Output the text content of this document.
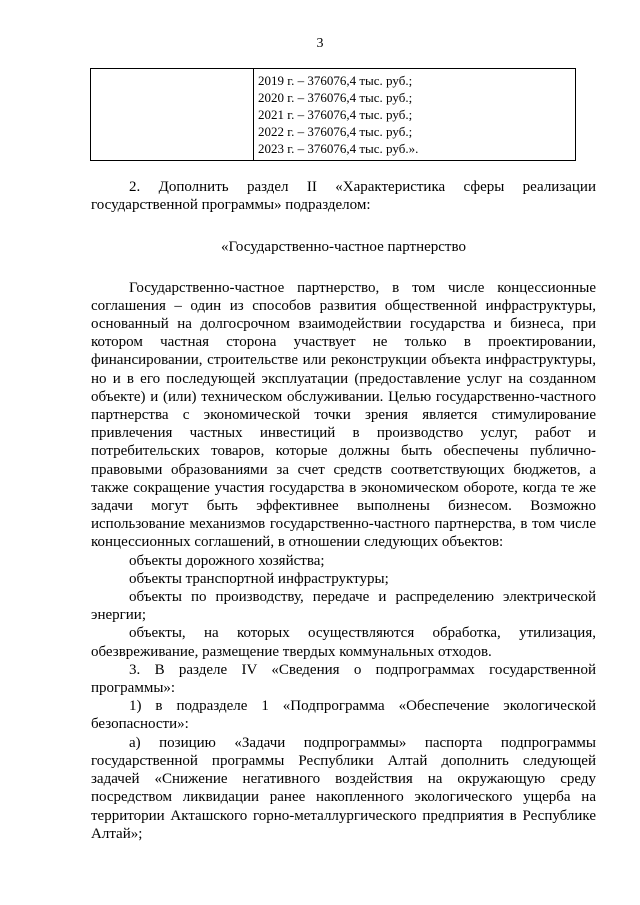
3

2019 г. – 376076,4 тыс. руб.;
2020 г. – 376076,4 тыс. руб.;
2021 г. – 376076,4 тыс. руб.;
2022 г. – 376076,4 тыс. руб.;
2023 г. – 376076,4 тыс. руб.».

2. Дополнить раздел II «Характеристика сферы реализации государственной программы» подразделом:

«Государственно-частное партнерство

Государственно-частное партнерство, в том числе концессионные соглашения – один из способов развития общественной инфраструктуры, основанный на долгосрочном взаимодействии государства и бизнеса, при котором частная сторона участвует не только в проектировании, финансировании, строительстве или реконструкции объекта инфраструктуры, но и в его последующей эксплуатации (предоставление услуг на созданном объекте) и (или) техническом обслуживании. Целью государственно-частного партнерства с экономической точки зрения является стимулирование привлечения частных инвестиций в производство услуг, работ и потребительских товаров, которые должны быть обеспечены публично-правовыми образованиями за счет средств соответствующих бюджетов, а также сокращение участия государства в экономическом обороте, когда те же задачи могут быть эффективнее выполнены бизнесом. Возможно использование механизмов государственно-частного партнерства, в том числе концессионных соглашений, в отношении следующих объектов:

объекты дорожного хозяйства;

объекты транспортной инфраструктуры;

объекты по производству, передаче и распределению электрической энергии;

объекты, на которых осуществляются обработка, утилизация, обезвреживание, размещение твердых коммунальных отходов.

3. В разделе IV «Сведения о подпрограммах государственной программы»:

1) в подразделе 1 «Подпрограмма «Обеспечение экологической безопасности»:

а) позицию «Задачи подпрограммы» паспорта подпрограммы государственной программы Республики Алтай дополнить следующей задачей «Снижение негативного воздействия на окружающую среду посредством ликвидации ранее накопленного экологического ущерба на территории Акташского горно-металлургического предприятия в Республике Алтай»;
